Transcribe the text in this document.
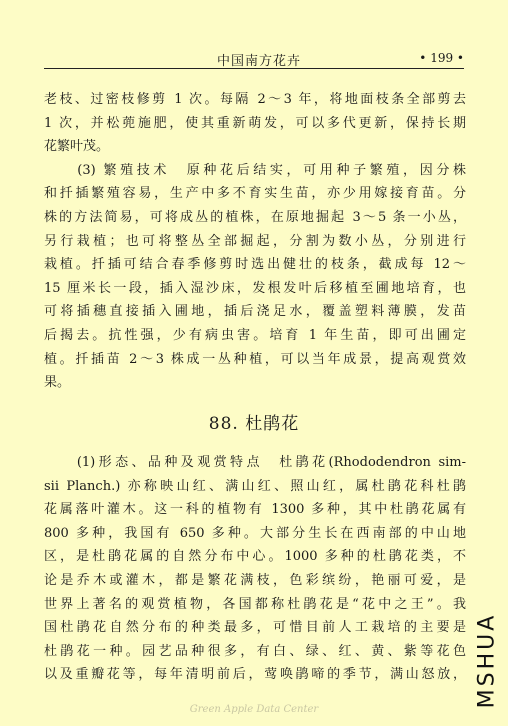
中国南方花卉	• 199 •
老枝、过密枝修剪 1 次。每隔 2～3 年，将地面枝条全部剪去
1 次，并松蔸施肥，使其重新萌发，可以多代更新，保持长期
花繁叶茂。
　　(3) 繁殖技术　原种花后结实，可用种子繁殖，因分株
和扦插繁殖容易，生产中多不育实生苗，亦少用嫁接育苗。分
株的方法简易，可将成丛的植株，在原地掘起 3～5 条一小丛，
另行栽植；也可将整丛全部掘起，分割为数小丛，分别进行
栽植。扦插可结合春季修剪时选出健壮的枝条，截成每 12～
15 厘米长一段，插入湿沙床，发根发叶后移植至圃地培育，也
可将插穗直接插入圃地，插后浇足水，覆盖塑料薄膜，发苗
后揭去。抗性强，少有病虫害。培育 1 年生苗，即可出圃定
植。扦插苗 2～3 株成一丛种植，可以当年成景，提高观赏效
果。
88. 杜鹃花
　　(1)形态、品种及观赏特点　杜鹃花(Rhododendron sim-
sii Planch.) 亦称映山红、满山红、照山红，属杜鹃花科杜鹃
花属落叶灌木。这一科的植物有 1300 多种，其中杜鹃花属有
800 多种，我国有 650 多种。大部分生长在西南部的中山地
区，是杜鹃花属的自然分布中心。1000 多种的杜鹃花类，不
论是乔木或灌木，都是繁花满枝，色彩缤纷，艳丽可爱，是
世界上著名的观赏植物，各国都称杜鹃花是“花中之王”。我
国杜鹃花自然分布的种类最多，可惜目前人工栽培的主要是
杜鹃花一种。园艺品种很多，有白、绿、红、黄、紫等花色
以及重瓣花等，每年清明前后，莺唤鹃啼的季节，满山怒放， MSHUA
Green Apple Data Center
